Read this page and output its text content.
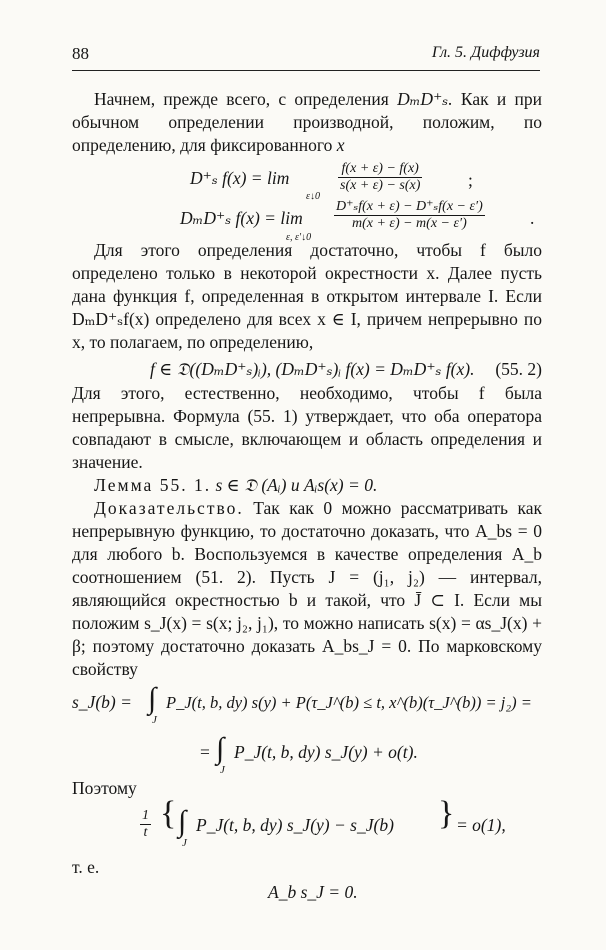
88	Гл. 5. Диффузия

Начнем, прежде всего, с определения DₘD⁺ₛ. Как и при обычном определении производной, положим, по определению, для фиксированного x

D⁺ₛ f(x) = lim	$\frac{f(x + \varepsilon) - f(x)}{s(x + \varepsilon) - s(x)}$
ε↓0
;
DₘD⁺ₛ $f(x) = \lim \frac{\text{D⁺ₛf(x + ε) − D⁺ₛf(x − ε′)}}{m(x + \varepsilon) - m(x - \varepsilon')}$
ε, ε′↓0
.

Для этого определения достаточно, чтобы f было определено только в некоторой окрестности x. Далее пусть дана функция f, определенная в открытом интервале I. Если DₘD⁺ₛf(x) определено для всех x ∈ I, причем непрерывно по x, то полагаем, по определению,

f ∈ 𝔇((DₘD⁺ₛ)ᵢ), (DₘD⁺ₛ)ᵢ f(x) = DₘD⁺ₛ f(x). (55. 2)

Для этого, естественно, необходимо, чтобы f была непрерывна. Формула (55. 1) утверждает, что оба оператора совпадают в смысле, включающем и область определения и значение.

Лемма 55. 1. s ∈ 𝔇 (Aᵢ) и Aᵢs(x) = 0.

Доказательство. Так как 0 можно рассматривать как непрерывную функцию, то достаточно доказать, что A_bs = 0 для любого b. Воспользуемся в качестве определения A_b соотношением (51. 2). Пусть J = (j₁, j₂) — интервал, являющийся окрестностью b и такой, что J̄ ⊂ I. Если мы положим s_J(x) = s(x; j₂, j₁), то можно написать s(x) = αs_J(x) + β; поэтому достаточно доказать A_bs_J = 0. По марковскому свойству

s_J(b) = ∫
J
P_J(t, b, dy) s(y) + P(τ_J^(b) ≤ t, x^(b)(τ_J^(b)) = j₂) =
= ∫
J
P_J(t, b, dy) s_J(y) + o(t).

Поэтому

$\frac{1}{t}$ { ∫
J
P_J(t, b, dy) s_J(y) − s_J(b) } = o(1),

т. е.

A_b s_J = 0.
